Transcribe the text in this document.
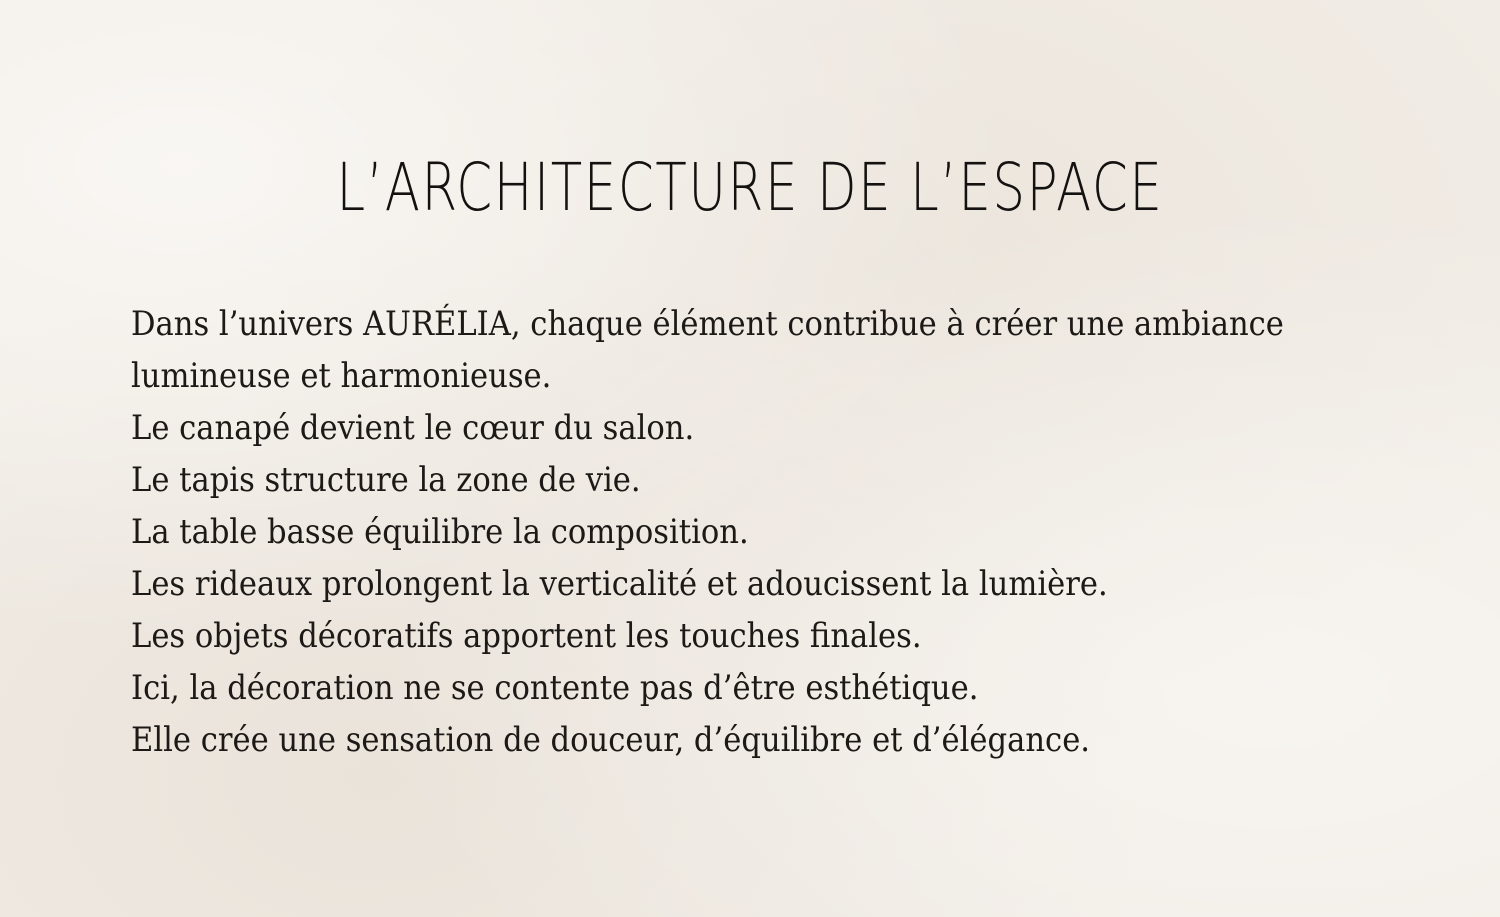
L’ARCHITECTURE DE L’ESPACE
Dans l’univers AURÉLIA, chaque élément contribue à créer une ambiance
lumineuse et harmonieuse.
Le canapé devient le cœur du salon.
Le tapis structure la zone de vie.
La table basse équilibre la composition.
Les rideaux prolongent la verticalité et adoucissent la lumière.
Les objets décoratifs apportent les touches finales.
Ici, la décoration ne se contente pas d’être esthétique.
Elle crée une sensation de douceur, d’équilibre et d’élégance.
